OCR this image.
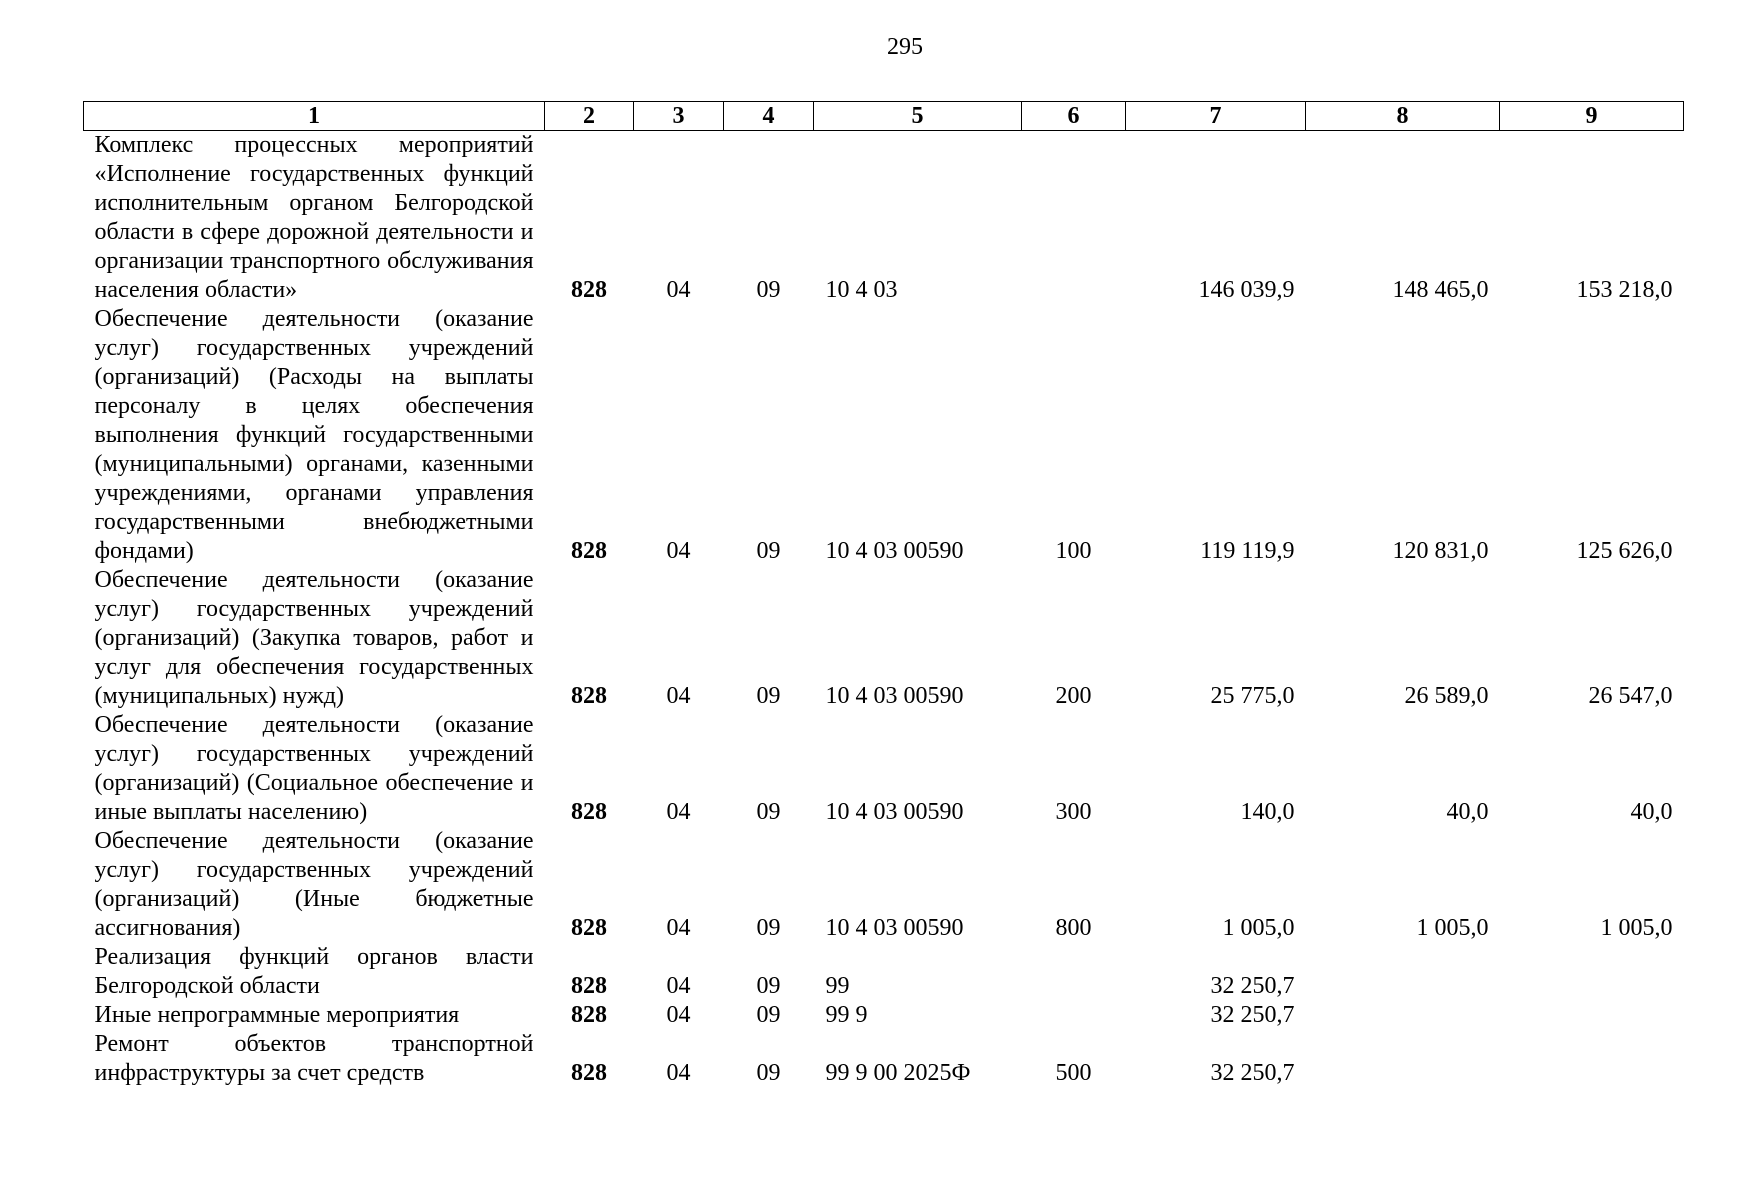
295
1	2	3	4	5	6	7	8	9
Комплекс процессных мероприятий «Исполнение государственных функций исполнительным органом Белгородской области в сфере дорожной деятельности и организации транспортного обслуживания населения области»	828	04	09	10 4 03		146 039,9	148 465,0	153 218,0
Обеспечение деятельности (оказание услуг) государственных учреждений (организаций) (Расходы на выплаты персоналу в целях обеспечения выполнения функций государственными (муниципальными) органами, казенными учреждениями, органами управления государственными внебюджетными фондами)	828	04	09	10 4 03 00590	100	119 119,9	120 831,0	125 626,0
Обеспечение деятельности (оказание услуг) государственных учреждений (организаций) (Закупка товаров, работ и услуг для обеспечения государственных (муниципальных) нужд)	828	04	09	10 4 03 00590	200	25 775,0	26 589,0	26 547,0
Обеспечение деятельности (оказание услуг) государственных учреждений (организаций) (Социальное обеспечение и иные выплаты населению)	828	04	09	10 4 03 00590	300	140,0	40,0	40,0
Обеспечение деятельности (оказание услуг) государственных учреждений (организаций) (Иные бюджетные ассигнования)	828	04	09	10 4 03 00590	800	1 005,0	1 005,0	1 005,0
Реализация функций органов власти Белгородской области	828	04	09	99		32 250,7		
Иные непрограммные мероприятия	828	04	09	99 9		32 250,7		
Ремонт объектов транспортной инфраструктуры за счет средств	828	04	09	99 9 00 2025Ф	500	32 250,7		
